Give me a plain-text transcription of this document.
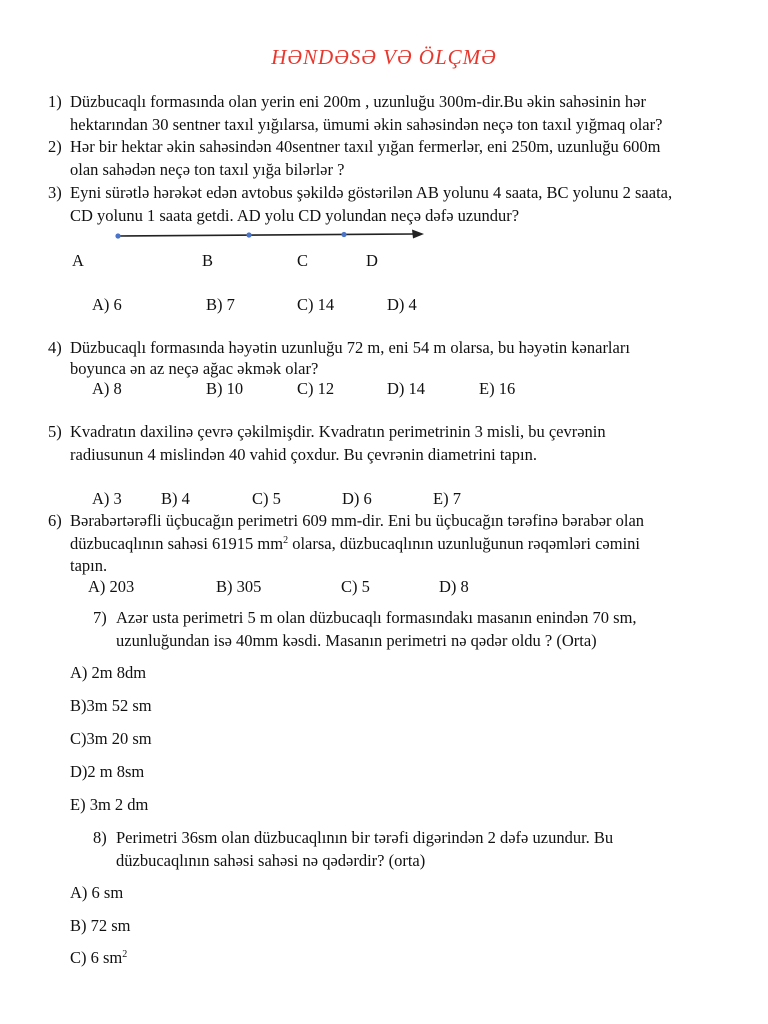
HƏNDƏSƏ VƏ ÖLÇMƏ
1) Düzbucaqlı formasında olan yerin eni 200m , uzunluğu 300m-dir.Bu əkin sahəsinin hər
hektarından 30 sentner taxıl yığılarsa, ümumi əkin sahəsindən neçə ton taxıl yığmaq olar?
2) Hər bir hektar əkin sahəsindən 40sentner taxıl yığan fermerlər, eni 250m, uzunluğu 600m
olan sahədən neçə ton taxıl yığa bilərlər ?
3) Eyni sürətlə hərəkət edən avtobus şəkildə göstərilən AB yolunu 4 saata, BC yolunu 2 saata,
CD yolunu 1 saata getdi. AD yolu CD yolundan neçə dəfə uzundur?
A	B	C	D
A) 6	B) 7	C) 14	D) 4
4) Düzbucaqlı formasında həyətin uzunluğu 72 m, eni 54 m olarsa, bu həyətin kənarları
boyunca ən az neçə ağac əkmək olar?
A) 8	B) 10	C) 12	D) 14	E) 16
5) Kvadratın daxilinə çevrə çəkilmişdir. Kvadratın perimetrinin 3 misli, bu çevrənin
radiusunun 4 mislindən 40 vahid çoxdur. Bu çevrənin diametrini tapın.
A) 3 B) 4	C) 5	D) 6	E) 7
6) Bərabərtərəfli üçbucağın perimetri 609 mm-dir. Eni bu üçbucağın tərəfinə bərabər olan
düzbucaqlının sahəsi 61915 $mm^2$ olarsa, düzbucaqlının uzunluğunun rəqəmləri cəmini
tapın.
A) 203	B) 305	C) 5	D) 8
7) Azər usta perimetri 5 m olan düzbucaqlı formasındakı masanın enindən 70 sm,
uzunluğundan isə 40mm kəsdi. Masanın perimetri nə qədər oldu ? (Orta)
A) 2m 8dm
B)3m 52 sm
C)3m 20 sm
D)2 m 8sm
E) 3m 2 dm
8) Perimetri 36sm olan düzbucaqlının bir tərəfi digərindən 2 dəfə uzundur. Bu
düzbucaqlının sahəsi sahəsi nə qədərdir? (orta)
A) 6 sm
B) 72 sm
C) 6 $sm^2$
